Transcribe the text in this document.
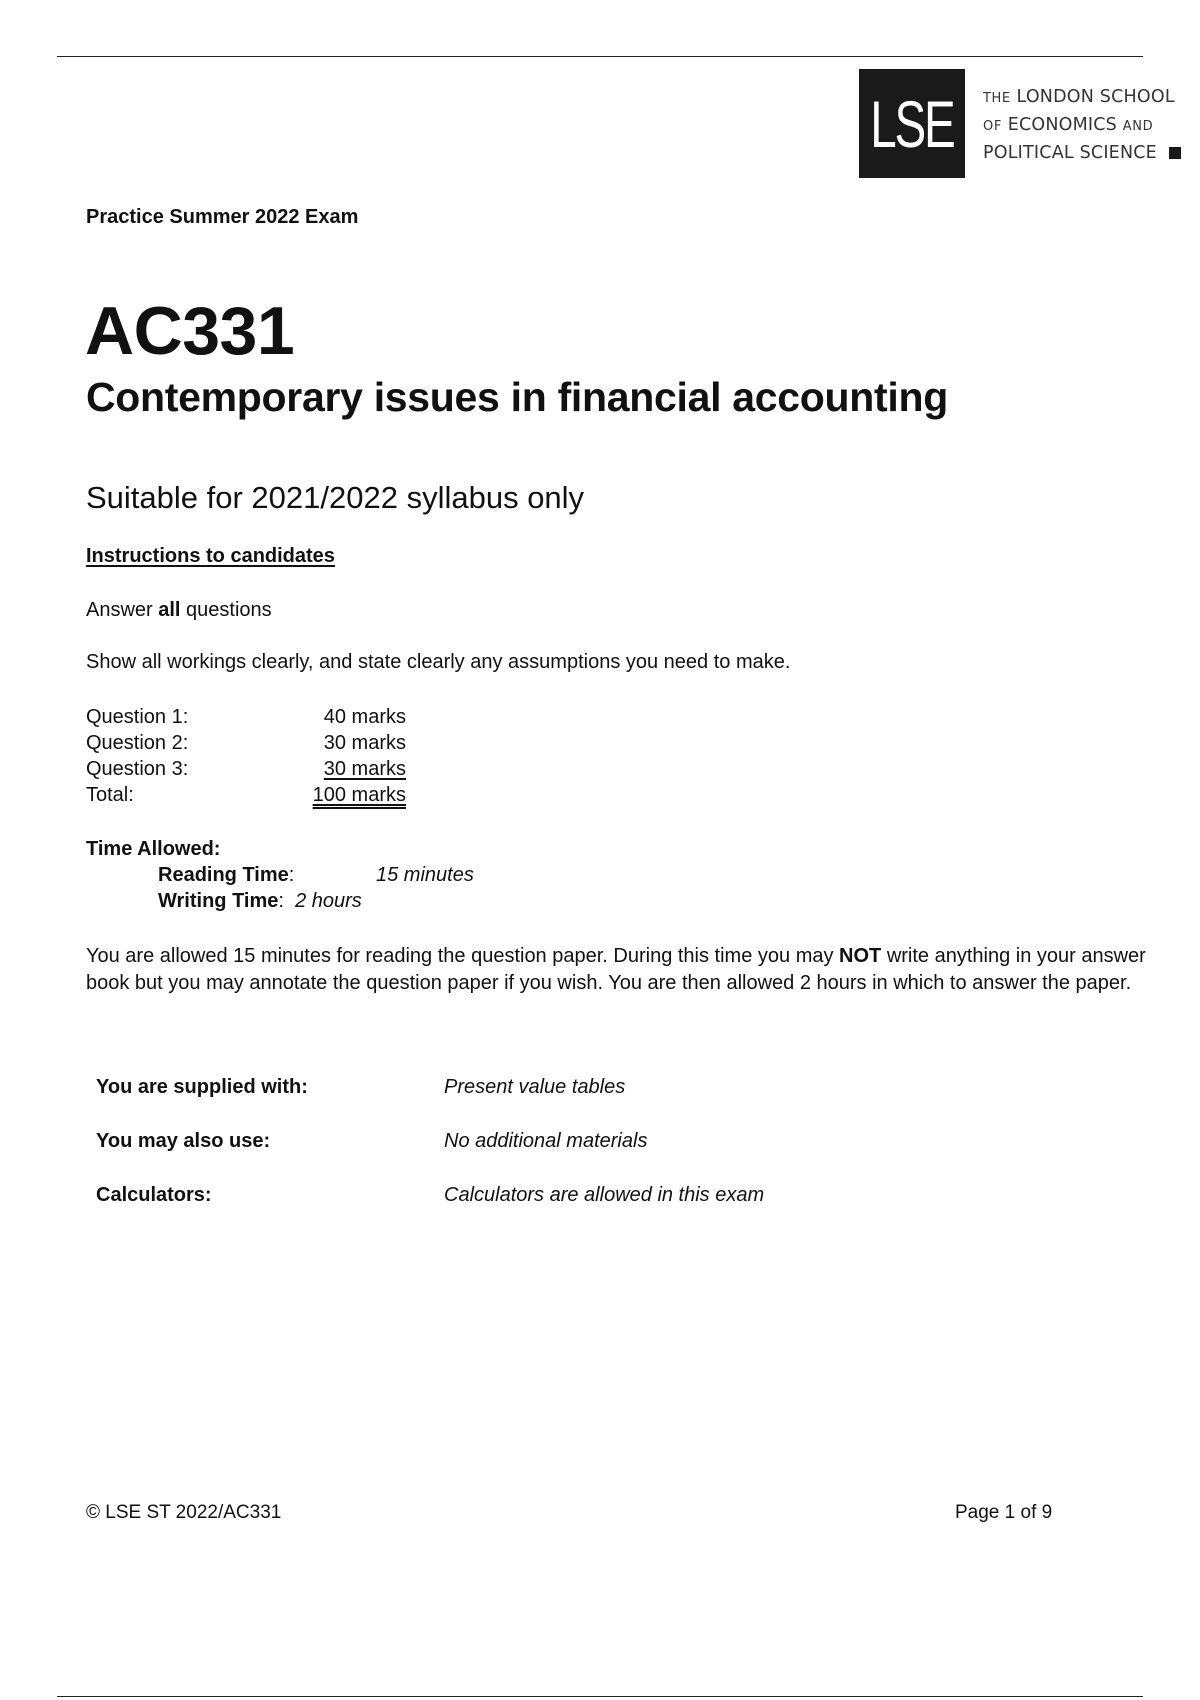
LSE THE LONDON SCHOOL
OF ECONOMICS AND
POLITICAL SCIENCE
Practice Summer 2022 Exam
AC331
Contemporary issues in financial accounting
Suitable for 2021/2022 syllabus only
Instructions to candidates
Answer all questions
Show all workings clearly, and state clearly any assumptions you need to make.
Question 1:	40 marks
Question 2:	30 marks
Question 3:	30 marks
Total:	100 marks
Time Allowed:
Reading Time:	15 minutes
Writing Time:  2 hours
You are allowed 15 minutes for reading the question paper. During this time you may NOT write anything in your answer book but you may annotate the question paper if you wish. You are then allowed 2 hours in which to answer the paper.
You are supplied with:	Present value tables
You may also use:	No additional materials
Calculators:	Calculators are allowed in this exam
© LSE ST 2022/AC331	Page 1 of 9
